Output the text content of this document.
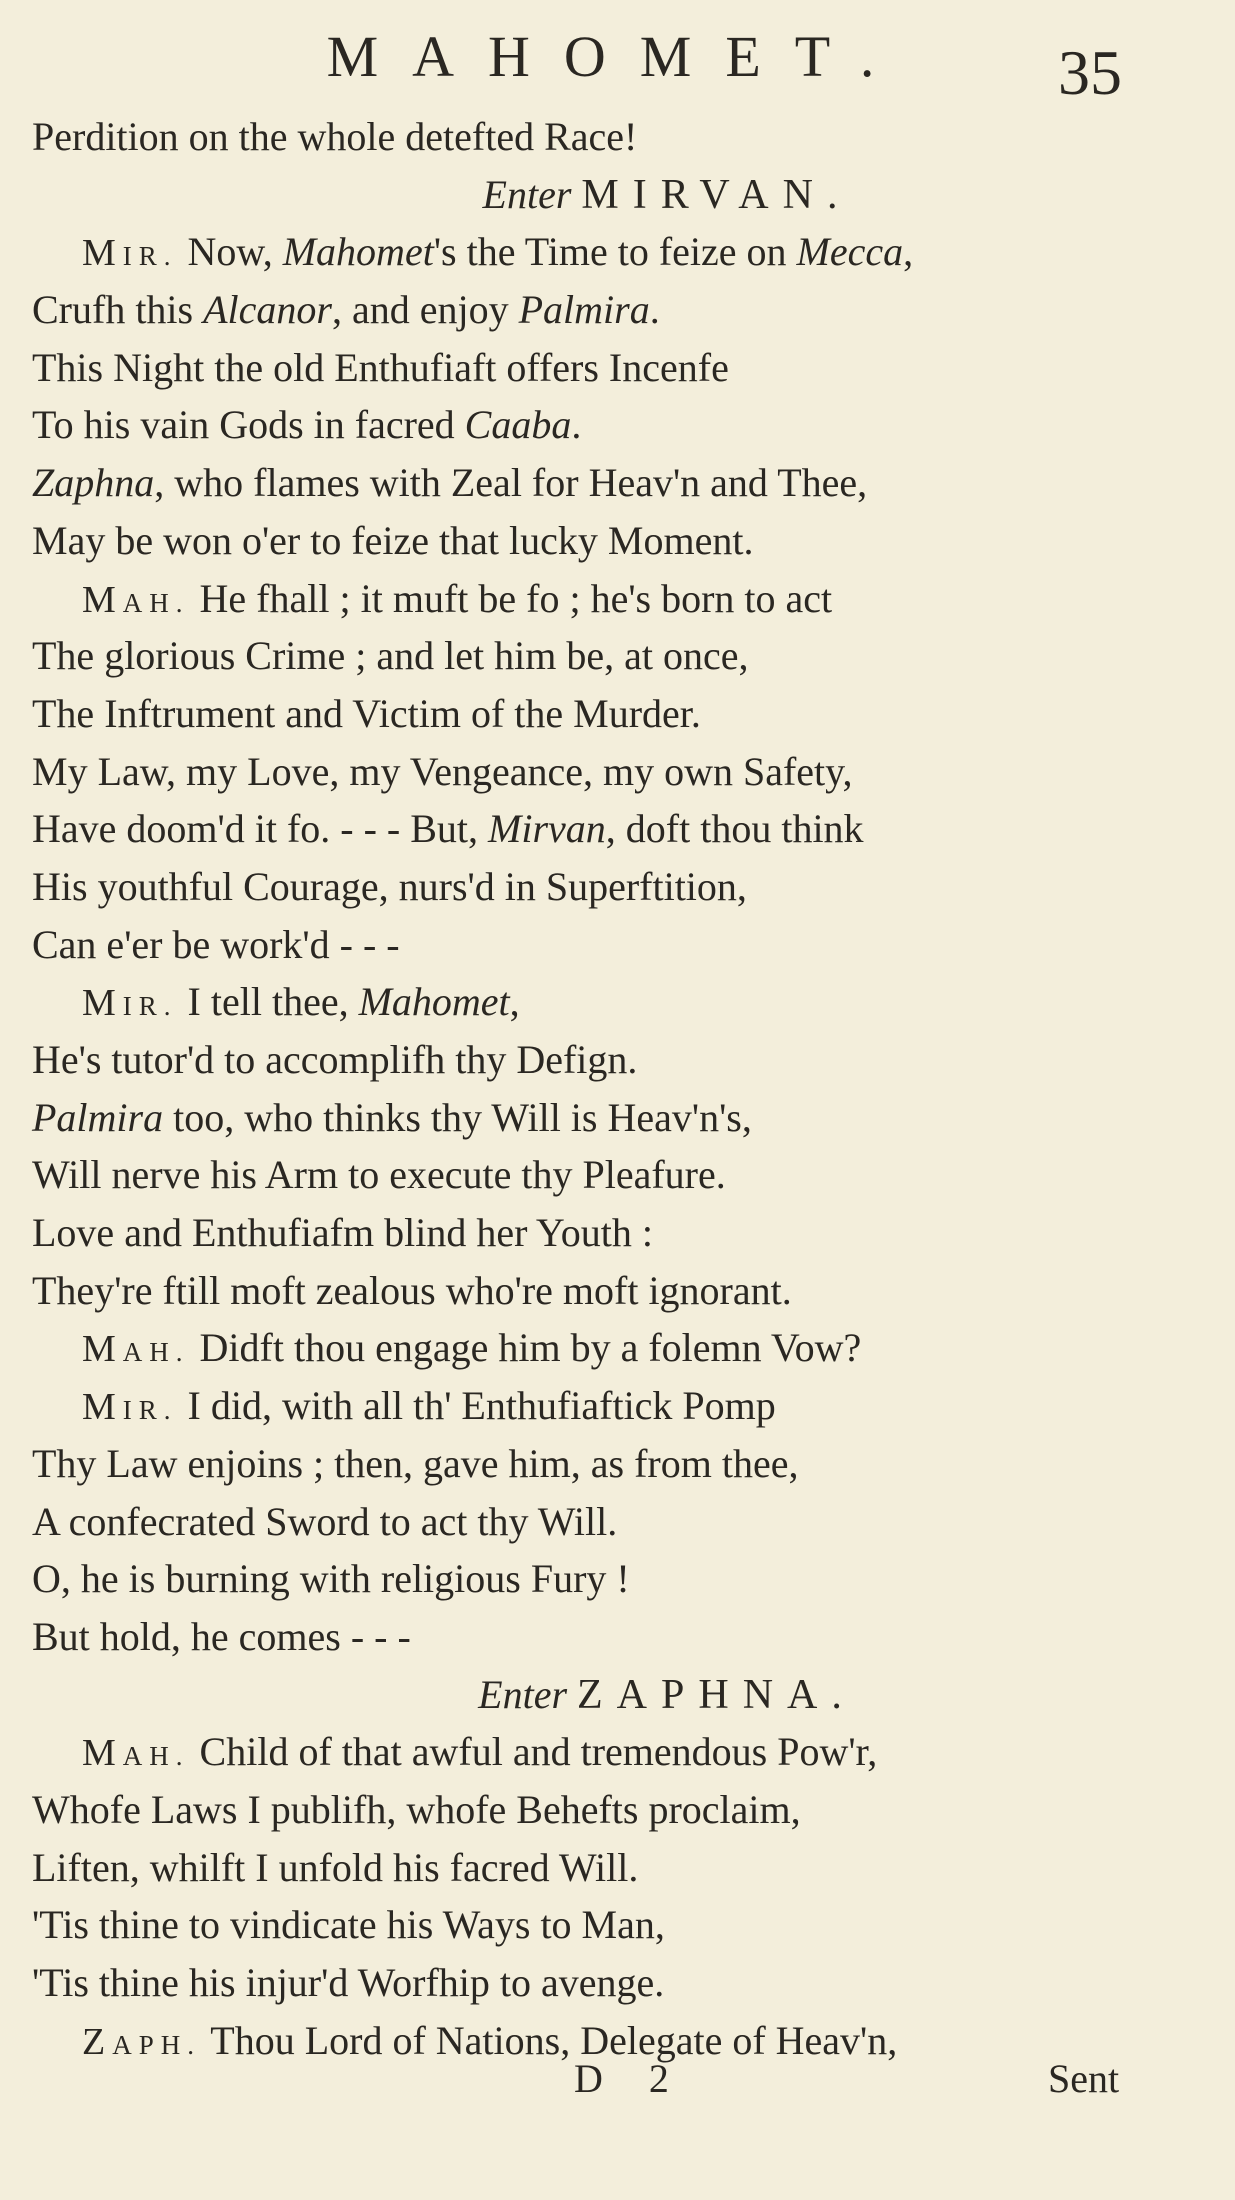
MAHOMET.	35
Perdition on the whole detefted Race!
Enter MIRVAN.
MIR. Now, Mahomet's the Time to feize on Mecca,
Crufh this Alcanor, and enjoy Palmira.
This Night the old Enthufiaft offers Incenfe
To his vain Gods in facred Caaba.
Zaphna, who flames with Zeal for Heav'n and Thee,
May be won o'er to feize that lucky Moment.
MAH. He fhall ; it muft be fo ; he's born to act
The glorious Crime ; and let him be, at once,
The Inftrument and Victim of the Murder.
My Law, my Love, my Vengeance, my own Safety,
Have doom'd it fo. - - - But, Mirvan, doft thou think
His youthful Courage, nurs'd in Superftition,
Can e'er be work'd - - -
MIR. I tell thee, Mahomet,
He's tutor'd to accomplifh thy Defign.
Palmira too, who thinks thy Will is Heav'n's,
Will nerve his Arm to execute thy Pleafure.
Love and Enthufiafm blind her Youth :
They're ftill moft zealous who're moft ignorant.
MAH. Didft thou engage him by a folemn Vow?
MIR. I did, with all th' Enthufiaftick Pomp
Thy Law enjoins ; then, gave him, as from thee,
A confecrated Sword to act thy Will.
O, he is burning with religious Fury !
But hold, he comes - - -
Enter ZAPHNA.
MAH. Child of that awful and tremendous Pow'r,
Whofe Laws I publifh, whofe Behefts proclaim,
Liften, whilft I unfold his facred Will.
'Tis thine to vindicate his Ways to Man,
'Tis thine his injur'd Worfhip to avenge.
ZAPH. Thou Lord of Nations, Delegate of Heav'n,
D 2	Sent
